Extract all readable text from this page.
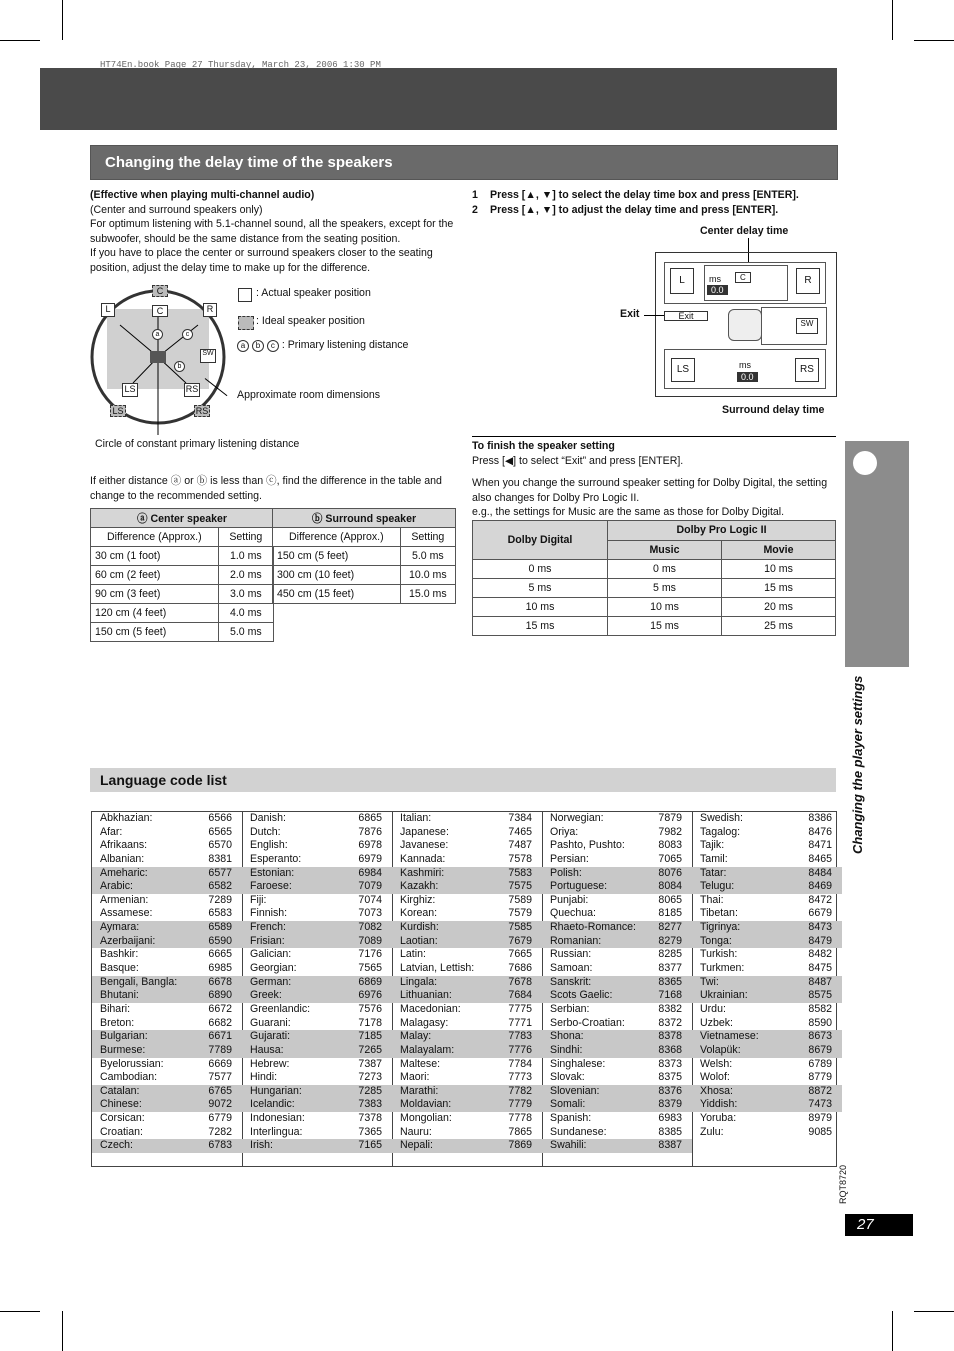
HT74En.book Page 27 Thursday, March 23, 2006 1:30 PM
Changing the delay time of the speakers
(Effective when playing multi-channel audio)
(Center and surround speakers only)
For optimum listening with 5.1-channel sound, all the speakers, except for the subwoofer, should be the same distance from the seating position.
If you have to place the center or surround speakers closer to the seating position, adjust the delay time to make up for the difference.
L
C
C	R
SW
LS	RS
LS	RS
a	c
b
: Actual speaker position
: Ideal speaker position
a b c : Primary listening distance
Approximate room dimensions
Circle of constant primary listening distance
If either distance ⓐ or ⓑ is less than ⓒ, find the difference in the table and change to the recommended setting.
ⓐ Center speaker	
Difference (Approx.)	Setting
30 cm (1 foot)	1.0 ms
60 cm (2 feet)	2.0 ms
90 cm (3 feet)	3.0 ms
120 cm (4 feet)	4.0 ms
150 cm (5 feet)	5.0 ms
ⓑ Surround speaker	
Difference (Approx.)	Setting
150 cm (5 feet)	5.0 ms
300 cm (10 feet)	10.0 ms
450 cm (15 feet)	15.0 ms
1 Press [▲, ▼] to select the delay time box and press [ENTER].
2 Press [▲, ▼] to adjust the delay time and press [ENTER].
Center delay time
L	ms	C
0.0
R
Exit
SW
LS	ms
0.0
RS
Exit
Surround delay time
To finish the speaker setting
Press [◀] to select “Exit” and press [ENTER].
When you change the surround speaker setting for Dolby Digital, the setting also changes for Dolby Pro Logic II.
e.g., the settings for Music are the same as those for Dolby Digital.
Dolby Digital	Dolby Pro Logic II	
	Music	Movie
0 ms	0 ms	10 ms
5 ms	5 ms	15 ms
10 ms	10 ms	20 ms
15 ms	15 ms	25 ms
Changing the player settings
Language code list
Abkhazian:	6566
Afar:	6565
Afrikaans:	6570
Albanian:	8381
Ameharic:	6577
Arabic:	6582
Armenian:	7289
Assamese:	6583
Aymara:	6589
Azerbaijani:	6590
Bashkir:	6665
Basque:	6985
Bengali, Bangla:	6678
Bhutani:	6890
Bihari:	6672
Breton:	6682
Bulgarian:	6671
Burmese:	7789
Byelorussian:	6669
Cambodian:	7577
Catalan:	6765
Chinese:	9072
Corsican:	6779
Croatian:	7282
Czech:	6783
Danish:	6865
Dutch:	7876
English:	6978
Esperanto:	6979
Estonian:	6984
Faroese:	7079
Fiji:	7074
Finnish:	7073
French:	7082
Frisian:	7089
Galician:	7176
Georgian:	7565
German:	6869
Greek:	6976
Greenlandic:	7576
Guarani:	7178
Gujarati:	7185
Hausa:	7265
Hebrew:	7387
Hindi:	7273
Hungarian:	7285
Icelandic:	7383
Indonesian:	7378
Interlingua:	7365
Irish:	7165
Italian:	7384
Japanese:	7465
Javanese:	7487
Kannada:	7578
Kashmiri:	7583
Kazakh:	7575
Kirghiz:	7589
Korean:	7579
Kurdish:	7585
Laotian:	7679
Latin:	7665
Latvian, Lettish:	7686
Lingala:	7678
Lithuanian:	7684
Macedonian:	7775
Malagasy:	7771
Malay:	7783
Malayalam:	7776
Maltese:	7784
Maori:	7773
Marathi:	7782
Moldavian:	7779
Mongolian:	7778
Nauru:	7865
Nepali:	7869
Norwegian:	7879
Oriya:	7982
Pashto, Pushto:	8083
Persian:	7065
Polish:	8076
Portuguese:	8084
Punjabi:	8065
Quechua:	8185
Rhaeto-Romance: 8277
Romanian:	8279
Russian:	8285
Samoan:	8377
Sanskrit:	8365
Scots Gaelic:	7168
Serbian:	8382
Serbo-Croatian:	8372
Shona:	8378
Sindhi:	8368
Singhalese:	8373
Slovak:	8375
Slovenian:	8376
Somali:	8379
Spanish:	6983
Sundanese:	8385
Swahili:	8387
Swedish:	8386
Tagalog:	8476
Tajik:	8471
Tamil:	8465
Tatar:	8484
Telugu:	8469
Thai:	8472
Tibetan:	6679
Tigrinya:	8473
Tonga:	8479
Turkish:	8482
Turkmen:	8475
Twi:	8487
Ukrainian:	8575
Urdu:	8582
Uzbek:	8590
Vietnamese:	8673
Volapük:	8679
Welsh:	6789
Wolof:	8779
Xhosa:	8872
Yiddish:	7473
Yoruba:	8979
Zulu:	9085
RQT8720
27
